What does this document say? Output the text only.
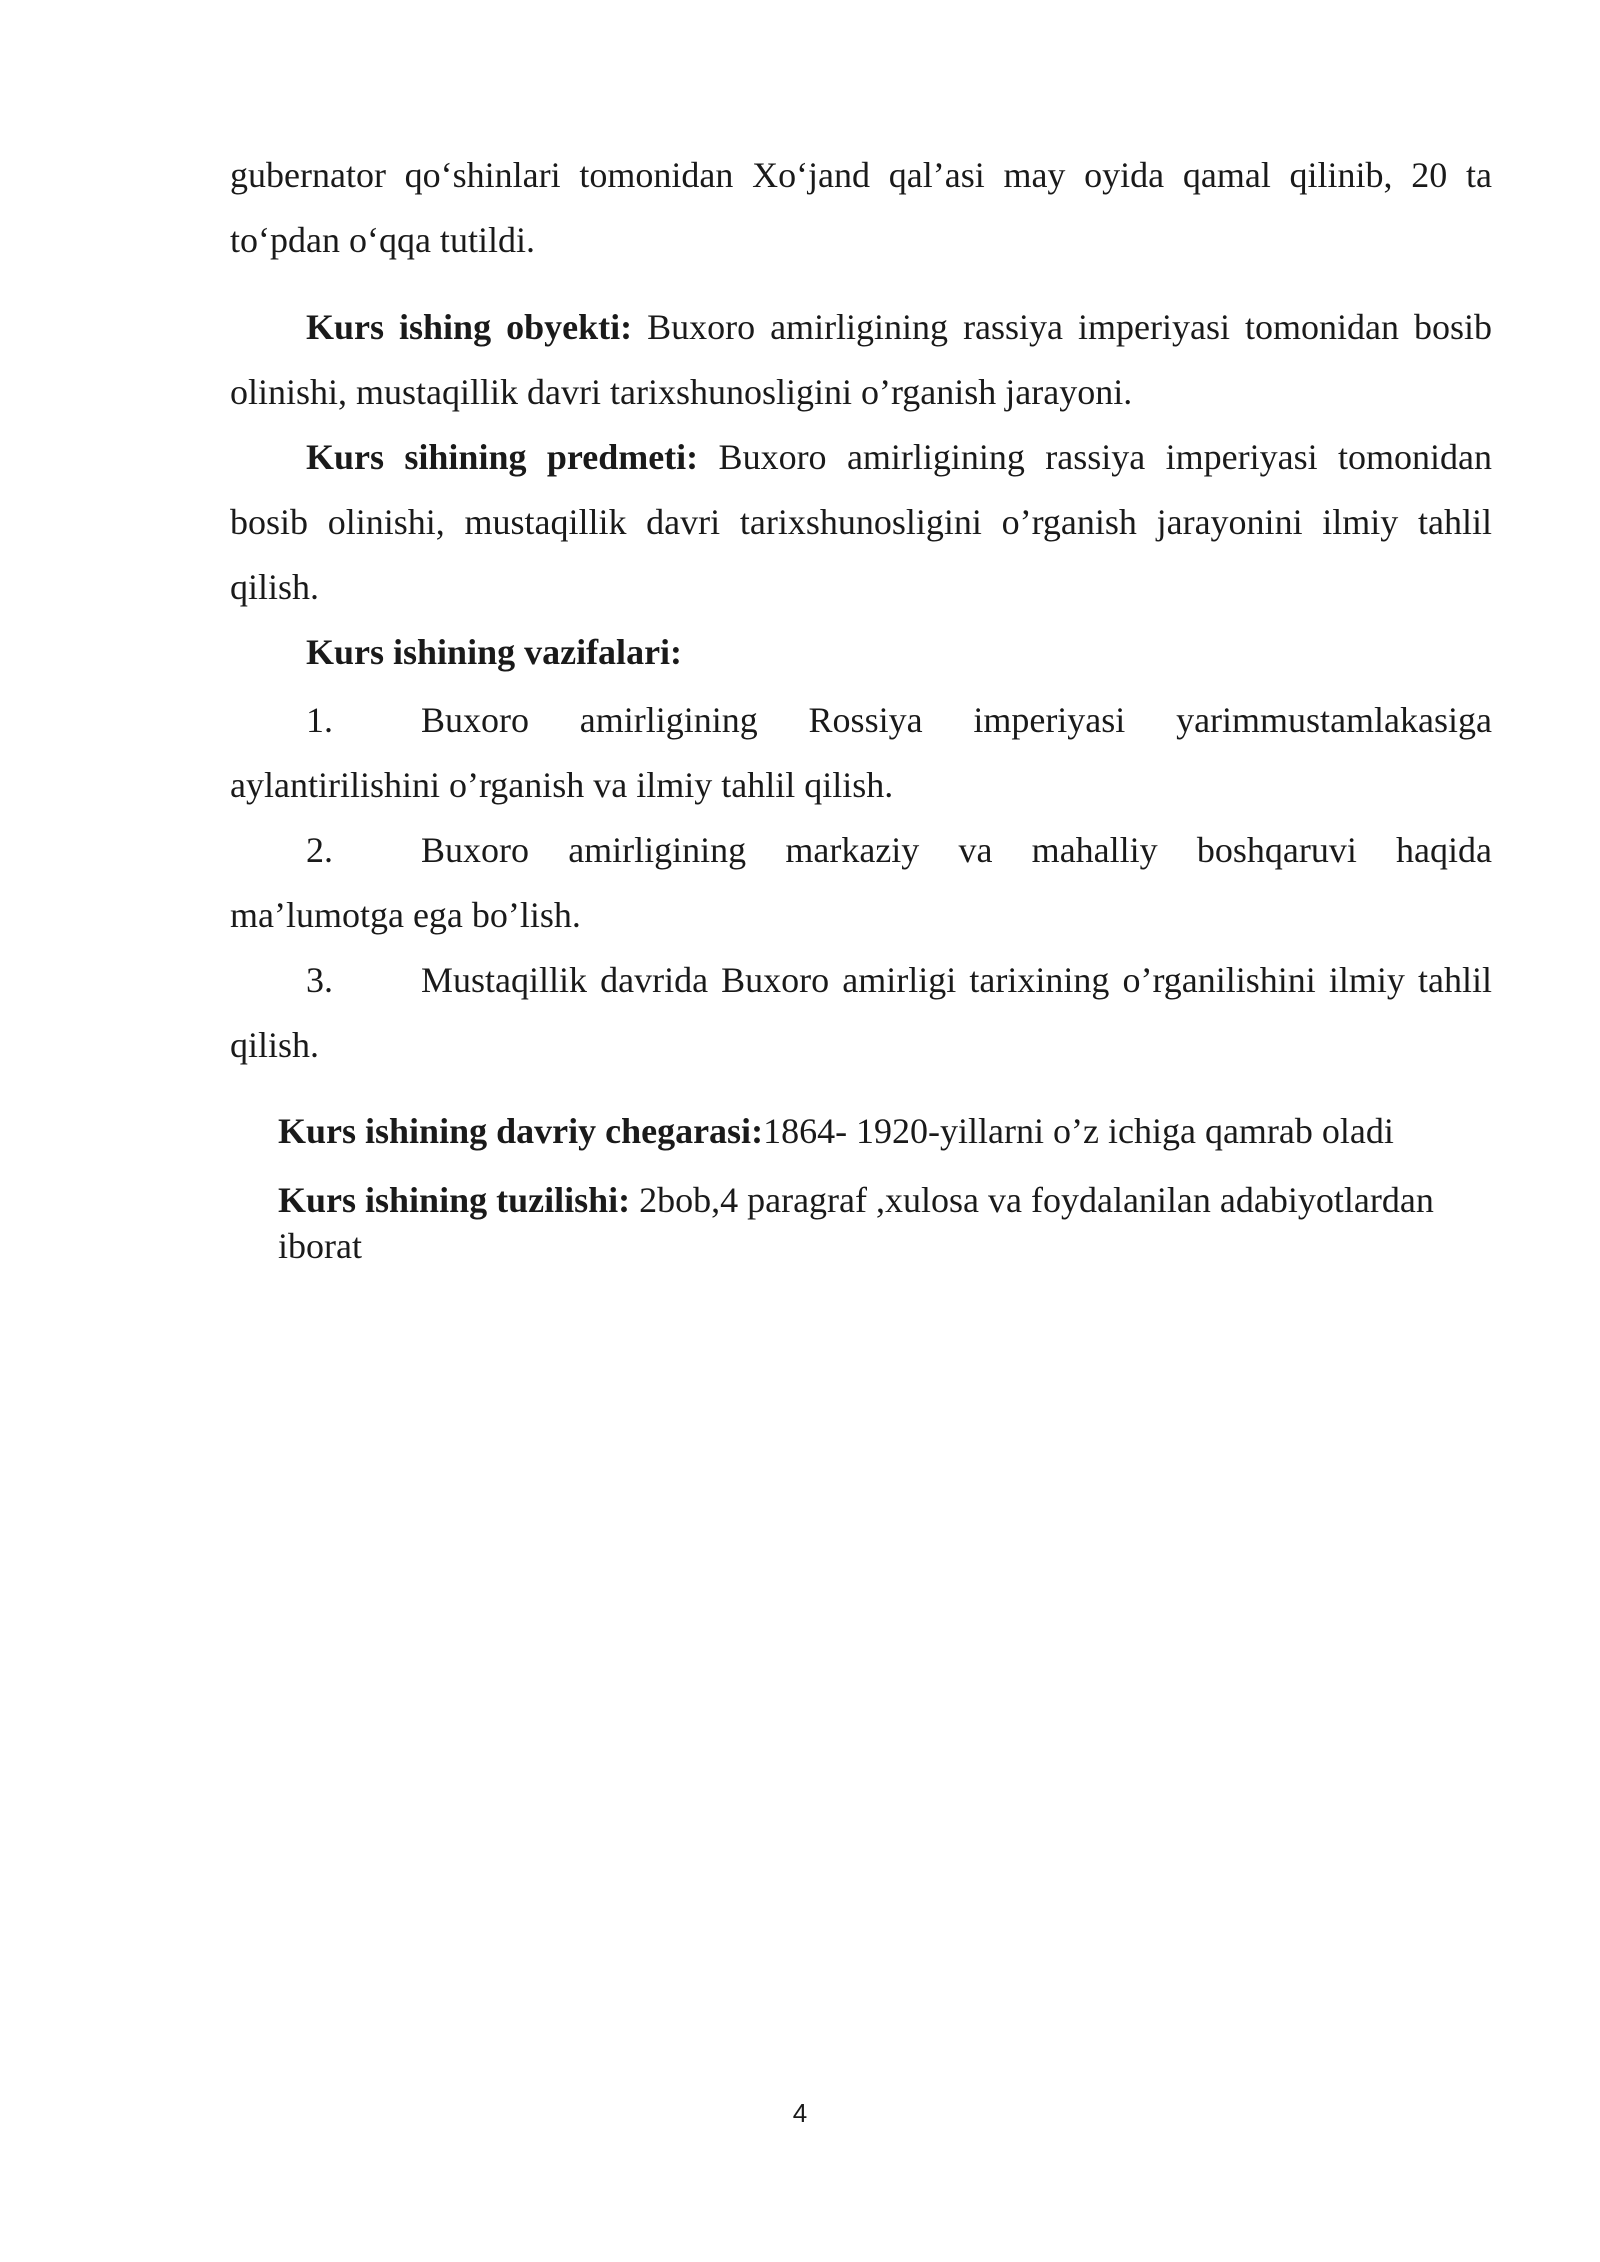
gubernator qo‘shinlari tomonidan Xo‘jand qal’asi may oyida qamal qilinib, 20 ta to‘pdan o‘qqa tutildi.

Kurs ishing obyekti: Buxoro amirligining rassiya imperiyasi tomonidan bosib olinishi, mustaqillik davri tarixshunosligini o’rganish jarayoni.

Kurs sihining predmeti: Buxoro amirligining rassiya imperiyasi tomonidan bosib olinishi, mustaqillik davri tarixshunosligini o’rganish jarayonini ilmiy tahlil qilish.

Kurs ishining vazifalari:

1. Buxoro amirligining Rossiya imperiyasi yarimmustamlakasiga aylantirilishini o’rganish va ilmiy tahlil qilish.

2. Buxoro amirligining markaziy va mahalliy boshqaruvi haqida ma’lumotga ega bo’lish.

3. Mustaqillik davrida Buxoro amirligi tarixining o’rganilishini ilmiy tahlil qilish.

Kurs ishining davriy chegarasi:1864- 1920-yillarni o’z ichiga qamrab oladi
Kurs ishining tuzilishi: 2bob,4 paragraf ,xulosa va foydalanilan adabiyotlardan iborat
4
